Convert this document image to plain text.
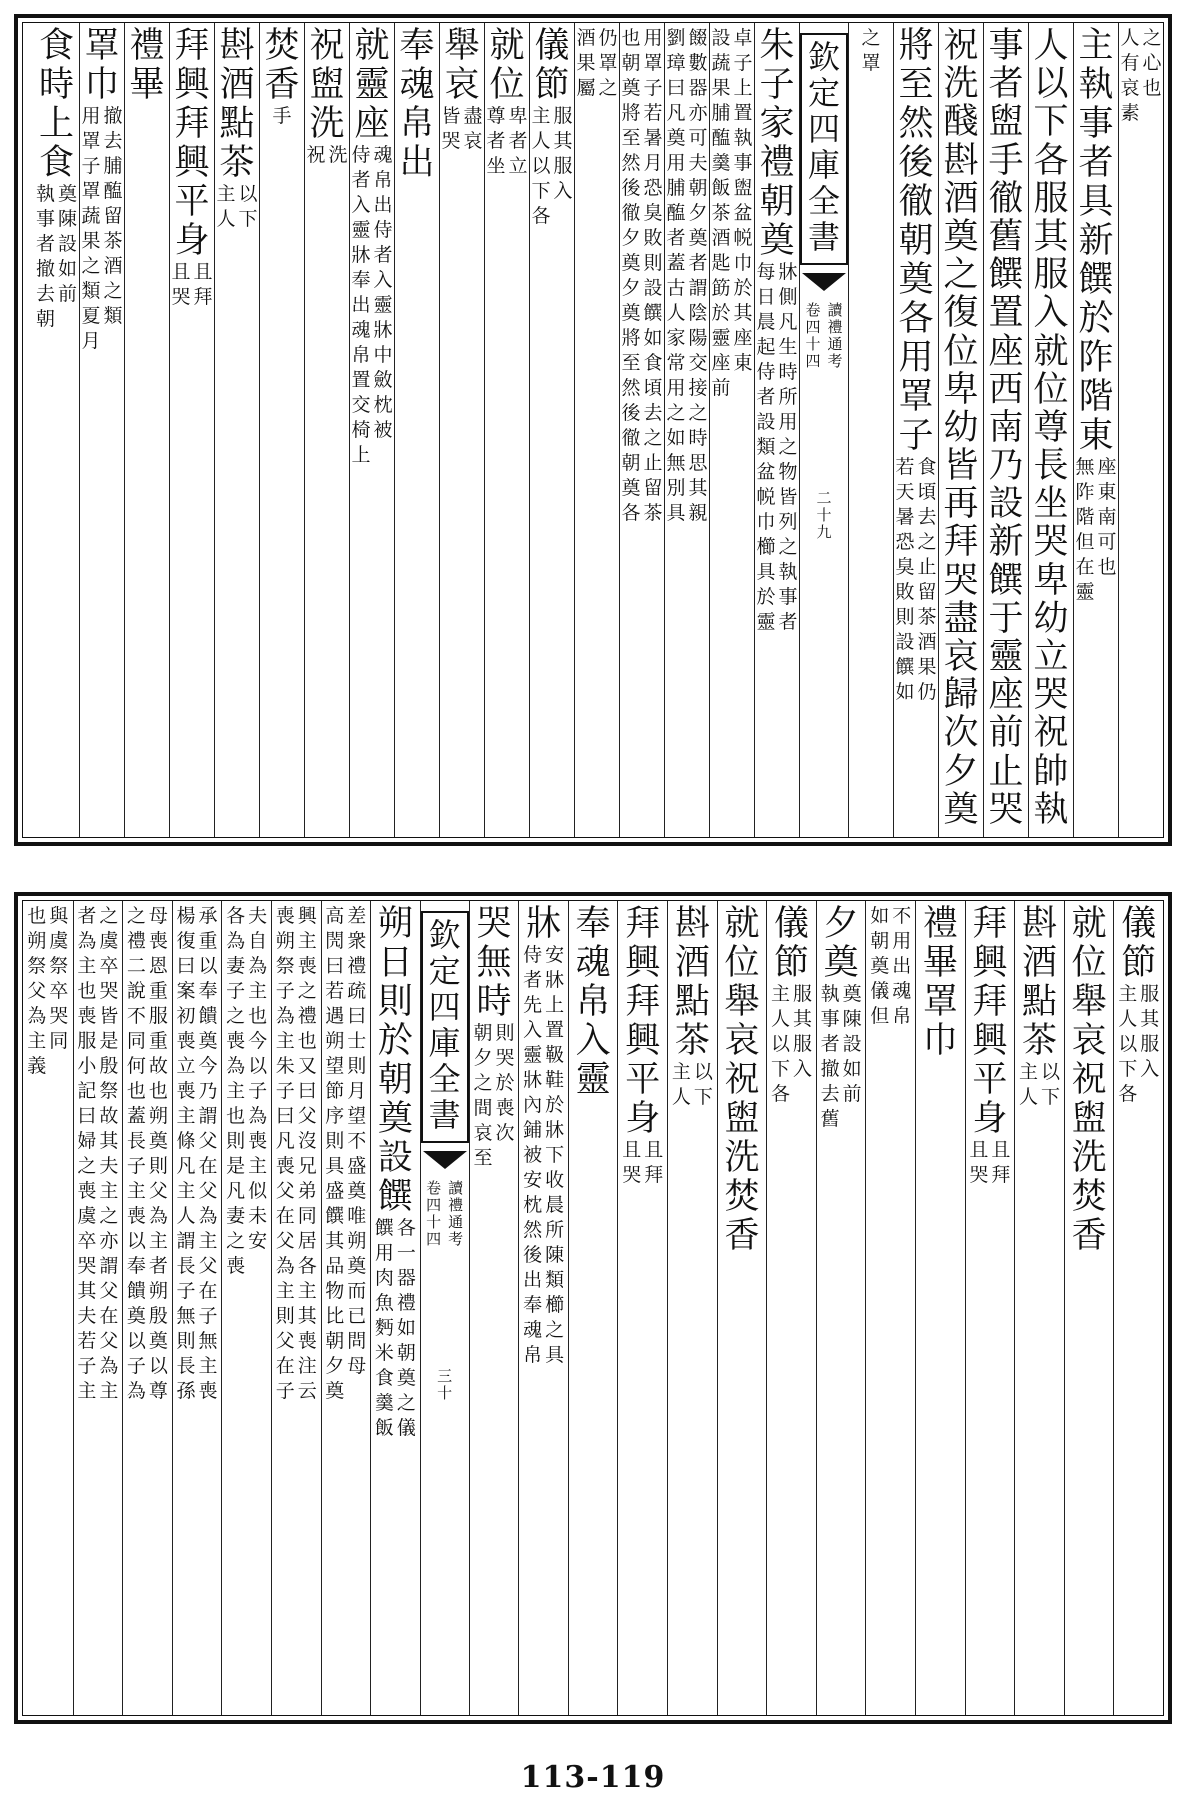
之
心
也
人
有
哀
素
主
執
事
者
具
新
饌
於
阼
階
東
座
東
南
可
也
無
阼
階
但
在
靈
人
以
下
各
服
其
服
入
就
位
尊
長
坐
哭
卑
幼
立
哭
祝
帥
執
事
者
盥
手
徹
舊
饌
置
座
西
南
乃
設
新
饌
于
靈
座
前
止
哭
祝
洗
醆
斟
酒
奠
之
復
位
卑
幼
皆
再
拜
哭
盡
哀
歸
次
夕
奠
將
至
然
後
徹
朝
奠
各
用
罩
子
食
頃
去
之
止
留
茶
酒
果
仍
若
天
暑
恐
臭
敗
則
設
饌
如
之
罩
欽
定
四
庫
全
書
讀
禮
通
考
卷
四
十
四
二
十
九
朱
子
家
禮
朝
奠
牀
側
凡
生
時
所
用
之
物
皆
列
之
執
事
者
每
日
晨
起
侍
者
設
類
盆
帨
巾
櫛
具
於
靈
卓
子
上
置
執
事
盥
盆
帨
巾
於
其
座
東
設
蔬
果
脯
醢
羹
飯
茶
酒
匙
筯
於
靈
座
前
餟
數
器
亦
可
夫
朝
夕
奠
者
謂
陰
陽
交
接
之
時
思
其
親
劉
璋
曰
凡
奠
用
脯
醢
者
蓋
古
人
家
常
用
之
如
無
別
具
用
罩
子
若
暑
月
恐
臭
敗
則
設
饌
如
食
頃
去
之
止
留
茶
也
朝
奠
將
至
然
後
徹
夕
奠
夕
奠
將
至
然
後
徹
朝
奠
各
仍
罩
之
酒
果
屬
儀
節
服
其
服
入
主
人
以
下
各
就
位
卑
者
立
尊
者
坐
舉
哀
盡
哀
皆
哭
奉
魂
帛
出
就
靈
座
魂
帛
出
侍
者
入
靈
牀
中
斂
枕
被
侍
者
入
靈
牀
奉
出
魂
帛
置
交
椅
上
祝
盥
洗
洗
祝
焚
香
手
斟
酒
點
茶
以
下
主
人
拜
興
拜
興
平
身
且
拜
且
哭
禮
畢
罩
巾
撤
去
脯
醢
留
茶
酒
之
類
用
罩
子
罩
蔬
果
之
類
夏
月
食
時
上
食
奠
陳
設
如
前
執
事
者
撤
去
朝
儀
節
服
其
服
入
主
人
以
下
各
就
位
舉
哀
祝
盥
洗
焚
香
斟
酒
點
茶
以
下
主
人
拜
興
拜
興
平
身
且
拜
且
哭
禮
畢
罩
巾
不
用
出
魂
帛
如
朝
奠
儀
但
夕
奠
奠
陳
設
如
前
執
事
者
撤
去
舊
儀
節
服
其
服
入
主
人
以
下
各
就
位
舉
哀
祝
盥
洗
焚
香
斟
酒
點
茶
以
下
主
人
拜
興
拜
興
平
身
且
拜
且
哭
奉
魂
帛
入
靈
牀
安
牀
上
置
靸
鞋
於
牀
下
收
晨
所
陳
類
櫛
之
具
侍
者
先
入
靈
牀
內
鋪
被
安
枕
然
後
出
奉
魂
帛
哭
無
時
則
哭
於
喪
次
朝
夕
之
間
哀
至
欽
定
四
庫
全
書
讀
禮
通
考
卷
四
十
四
三
十
朔
日
則
於
朝
奠
設
饌
各
一
器
禮
如
朝
奠
之
儀
饌
用
肉
魚
麪
米
食
羹
飯
差
衆
禮
疏
曰
士
則
月
望
不
盛
奠
唯
朔
奠
而
已
問
母
高
閌
曰
若
遇
朔
望
節
序
則
具
盛
饌
其
品
物
比
朝
夕
奠
興
主
喪
之
禮
也
又
曰
父
沒
兄
弟
同
居
各
主
其
喪
注
云
喪
朔
祭
子
為
主
朱
子
曰
凡
喪
父
在
父
為
主
則
父
在
子
夫
自
為
主
也
今
以
子
為
喪
主
似
未
安
各
為
妻
子
之
喪
為
主
也
則
是
凡
妻
之
喪
承
重
以
奉
饋
奠
今
乃
謂
父
在
父
為
主
父
在
子
無
主
喪
楊
復
曰
案
初
喪
立
喪
主
條
凡
主
人
謂
長
子
無
則
長
孫
母
喪
恩
重
服
重
故
也
朔
奠
則
父
為
主
者
朔
殷
奠
以
尊
之
禮
二
說
不
同
何
也
蓋
長
子
主
喪
以
奉
饋
奠
以
子
為
之
虞
卒
哭
皆
是
殷
祭
故
其
夫
主
之
亦
謂
父
在
父
為
主
者
為
主
也
喪
服
小
記
曰
婦
之
喪
虞
卒
哭
其
夫
若
子
主
與
虞
祭
卒
哭
同
也
朔
祭
父
為
主
義
113-119
